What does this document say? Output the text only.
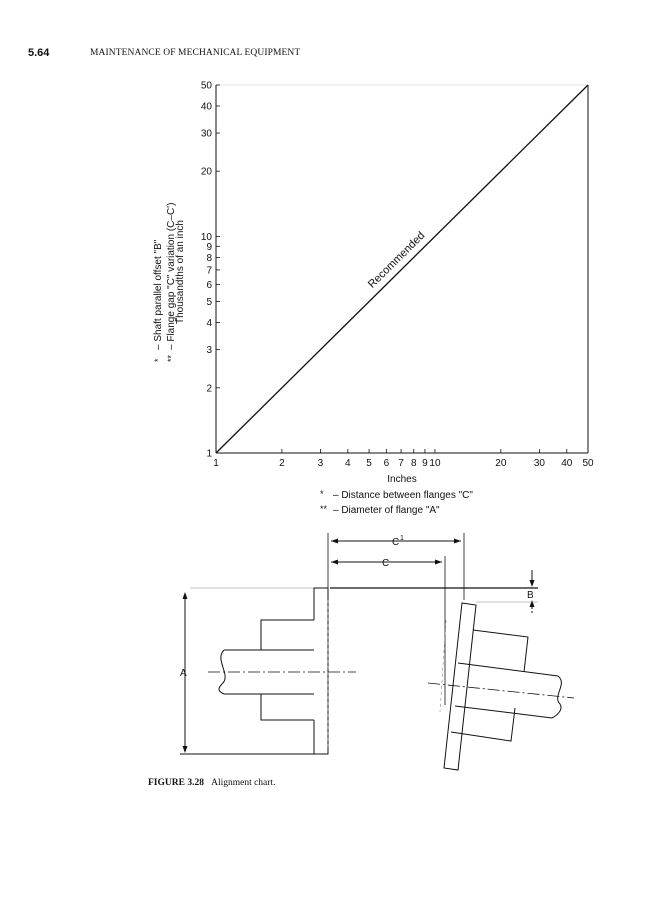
5.64	MAINTENANCE OF MECHANICAL EQUIPMENT
1
2
3
4
5
6
7
8
9
10
20
30
40
50
1	2	3 4 5 6 7 8 9 10	20	30 40 50
Recommended
Thousandths of an inch
*
– Shaft parallel offset "B"
**
– Flange gap "C" variation (C–C')
Inches
* – Distance between flanges "C"
** – Diameter of flange "A"
C 1
C
B
A
FIGURE 3.28 Alignment chart.
